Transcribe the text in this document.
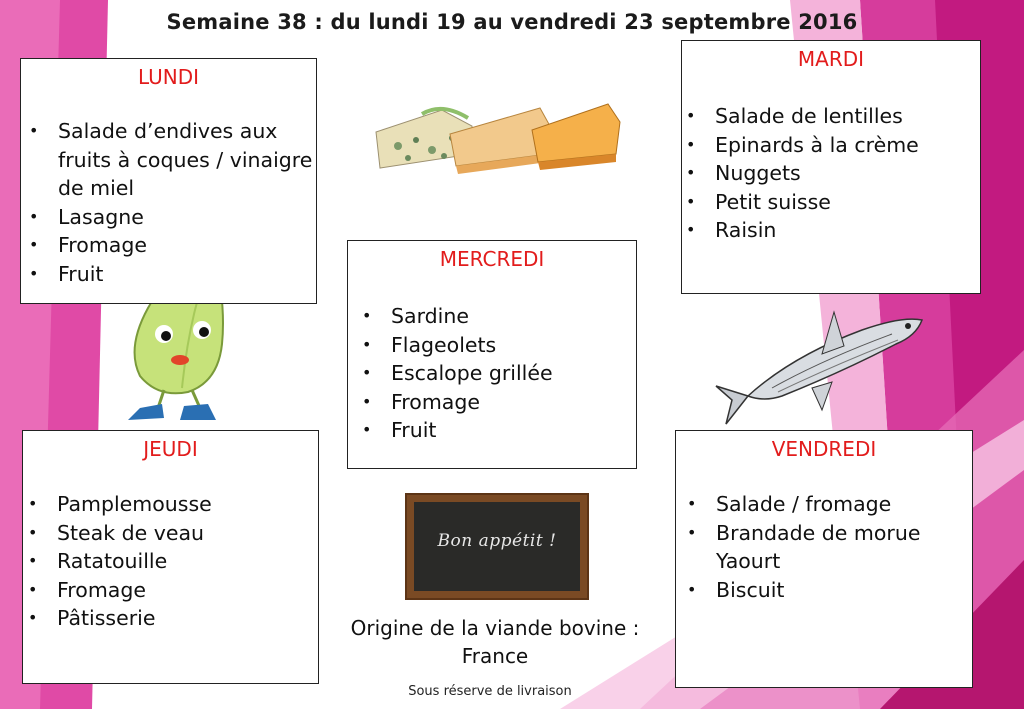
Semaine 38 : du lundi 19 au vendredi 23 septembre 2016
LUNDI
• Salade d’endives aux fruits à coques / vinaigre de miel
• Lasagne
• Fromage
• Fruit
MARDI
• Salade de lentilles
• Epinards à la crème
• Nuggets
• Petit suisse
• Raisin
MERCREDI
• Sardine
• Flageolets
• Escalope grillée
• Fromage
• Fruit
JEUDI
• Pamplemousse
• Steak de veau
• Ratatouille
• Fromage
• Pâtisserie
VENDREDI
• Salade / fromage
• Brandade de morue Yaourt
• Biscuit
Bon appétit !
Origine de la viande bovine : France
Sous réserve de livraison
